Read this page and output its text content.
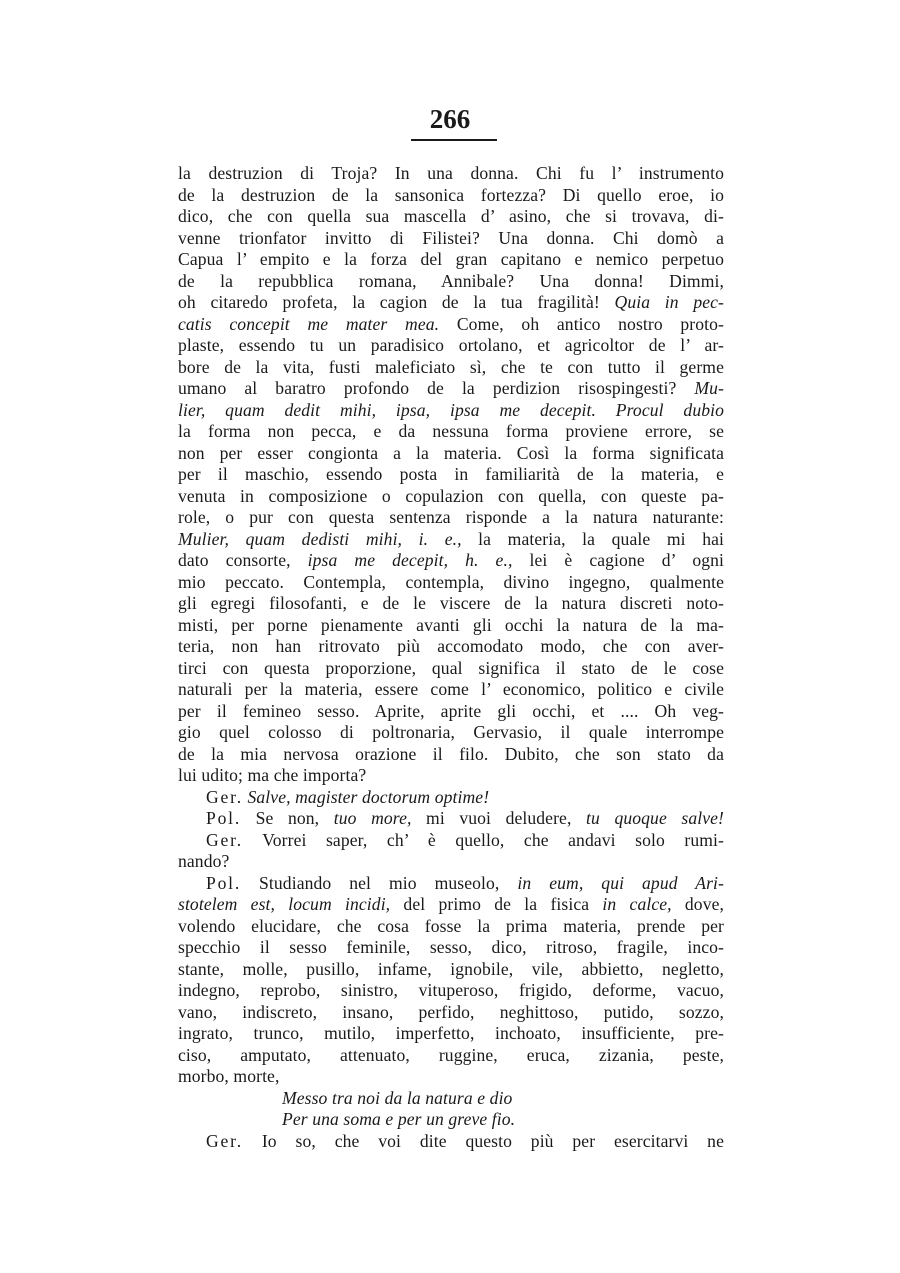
266
la destruzion di Troja? In una donna. Chi fu l’ instrumento
de la destruzion de la sansonica fortezza? Di quello eroe, io
dico, che con quella sua mascella d’ asino, che si trovava, di-
venne trionfator invitto di Filistei? Una donna. Chi domò a
Capua l’ empito e la forza del gran capitano e nemico perpetuo
de la repubblica romana, Annibale? Una donna! Dimmi,
oh citaredo profeta, la cagion de la tua fragilità! Quia in pec-
catis concepit me mater mea. Come, oh antico nostro proto-
plaste, essendo tu un paradisico ortolano, et agricoltor de l’ ar-
bore de la vita, fusti maleficiato sì, che te con tutto il germe
umano al baratro profondo de la perdizion risospingesti? Mu-
lier, quam dedit mihi, ipsa, ipsa me decepit. Procul dubio
la forma non pecca, e da nessuna forma proviene errore, se
non per esser congionta a la materia. Così la forma significata
per il maschio, essendo posta in familiarità de la materia, e
venuta in composizione o copulazion con quella, con queste pa-
role, o pur con questa sentenza risponde a la natura naturante:
Mulier, quam dedisti mihi, i. e., la materia, la quale mi hai
dato consorte, ipsa me decepit, h. e., lei è cagione d’ ogni
mio peccato. Contempla, contempla, divino ingegno, qualmente
gli egregi filosofanti, e de le viscere de la natura discreti noto-
misti, per porne pienamente avanti gli occhi la natura de la ma-
teria, non han ritrovato più accomodato modo, che con aver-
tirci con questa proporzione, qual significa il stato de le cose
naturali per la materia, essere come l’ economico, politico e civile
per il femineo sesso. Aprite, aprite gli occhi, et .... Oh veg-
gio quel colosso di poltronaria, Gervasio, il quale interrompe
de la mia nervosa orazione il filo. Dubito, che son stato da
lui udito; ma che importa?
Ger. Salve, magister doctorum optime!
Pol. Se non, tuo more, mi vuoi deludere, tu quoque salve!
Ger. Vorrei saper, ch’ è quello, che andavi solo rumi-
nando?
Pol. Studiando nel mio museolo, in eum, qui apud Ari-
stotelem est, locum incidi, del primo de la fisica in calce, dove,
volendo elucidare, che cosa fosse la prima materia, prende per
specchio il sesso feminile, sesso, dico, ritroso, fragile, inco-
stante, molle, pusillo, infame, ignobile, vile, abbietto, negletto,
indegno, reprobo, sinistro, vituperoso, frigido, deforme, vacuo,
vano, indiscreto, insano, perfido, neghittoso, putido, sozzo,
ingrato, trunco, mutilo, imperfetto, inchoato, insufficiente, pre-
ciso, amputato, attenuato, ruggine, eruca, zizania, peste,
morbo, morte,
Messo tra noi da la natura e dio
Per una soma e per un greve fio.
Ger. Io so, che voi dite questo più per esercitarvi ne
